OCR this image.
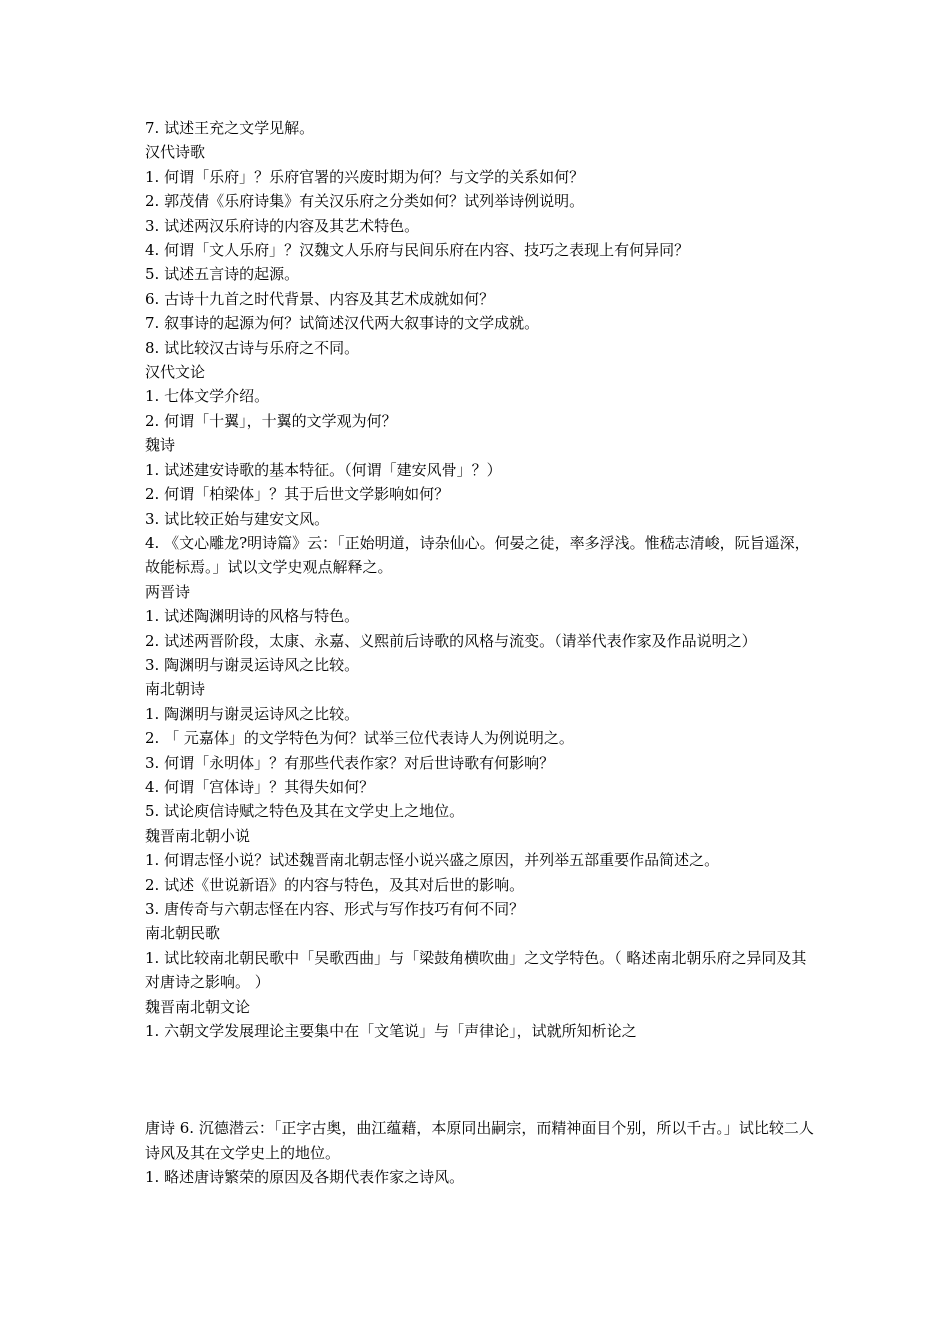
7. 试述王充之文学见解。
汉代诗歌
1. 何谓「乐府」？乐府官署的兴废时期为何？与文学的关系如何？
2. 郭茂倩《乐府诗集》有关汉乐府之分类如何？试列举诗例说明。
3. 试述两汉乐府诗的内容及其艺术特色。
4. 何谓「文人乐府」？汉魏文人乐府与民间乐府在内容、技巧之表现上有何异同？
5. 试述五言诗的起源。
6. 古诗十九首之时代背景、内容及其艺术成就如何？
7. 叙事诗的起源为何？试简述汉代两大叙事诗的文学成就。
8. 试比较汉古诗与乐府之不同。
汉代文论
1. 七体文学介绍。
2. 何谓「十翼」，十翼的文学观为何？
魏诗
1. 试述建安诗歌的基本特征。（何谓「建安风骨」？）
2. 何谓「柏梁体」？其于后世文学影响如何？
3. 试比较正始与建安文风。
4. 《文心雕龙?明诗篇》云：「正始明道，诗杂仙心。何晏之徒，率多浮浅。惟嵇志清峻，阮旨遥深，故能标焉。」试以文学史观点解释之。
两晋诗
1. 试述陶渊明诗的风格与特色。
2. 试述两晋阶段，太康、永嘉、义熙前后诗歌的风格与流变。（请举代表作家及作品说明之）
3. 陶渊明与谢灵运诗风之比较。
南北朝诗
1. 陶渊明与谢灵运诗风之比较。
2. 「 元嘉体」的文学特色为何？试举三位代表诗人为例说明之。
3. 何谓「永明体」？有那些代表作家？对后世诗歌有何影响？
4. 何谓「宫体诗」？其得失如何？
5. 试论庾信诗赋之特色及其在文学史上之地位。
魏晋南北朝小说
1. 何谓志怪小说？试述魏晋南北朝志怪小说兴盛之原因，并列举五部重要作品简述之。
2. 试述《世说新语》的内容与特色，及其对后世的影响。
3. 唐传奇与六朝志怪在内容、形式与写作技巧有何不同？
南北朝民歌
1. 试比较南北朝民歌中「吴歌西曲」与「梁鼓角横吹曲」之文学特色。（ 略述南北朝乐府之异同及其对唐诗之影响。 ）
魏晋南北朝文论
1. 六朝文学发展理论主要集中在「文笔说」与「声律论」，试就所知析论之
唐诗 6. 沉德潜云：「正字古奥，曲江蕴藉，本原同出嗣宗，而精神面目个别，所以千古。」试比较二人诗风及其在文学史上的地位。
1. 略述唐诗繁荣的原因及各期代表作家之诗风。
